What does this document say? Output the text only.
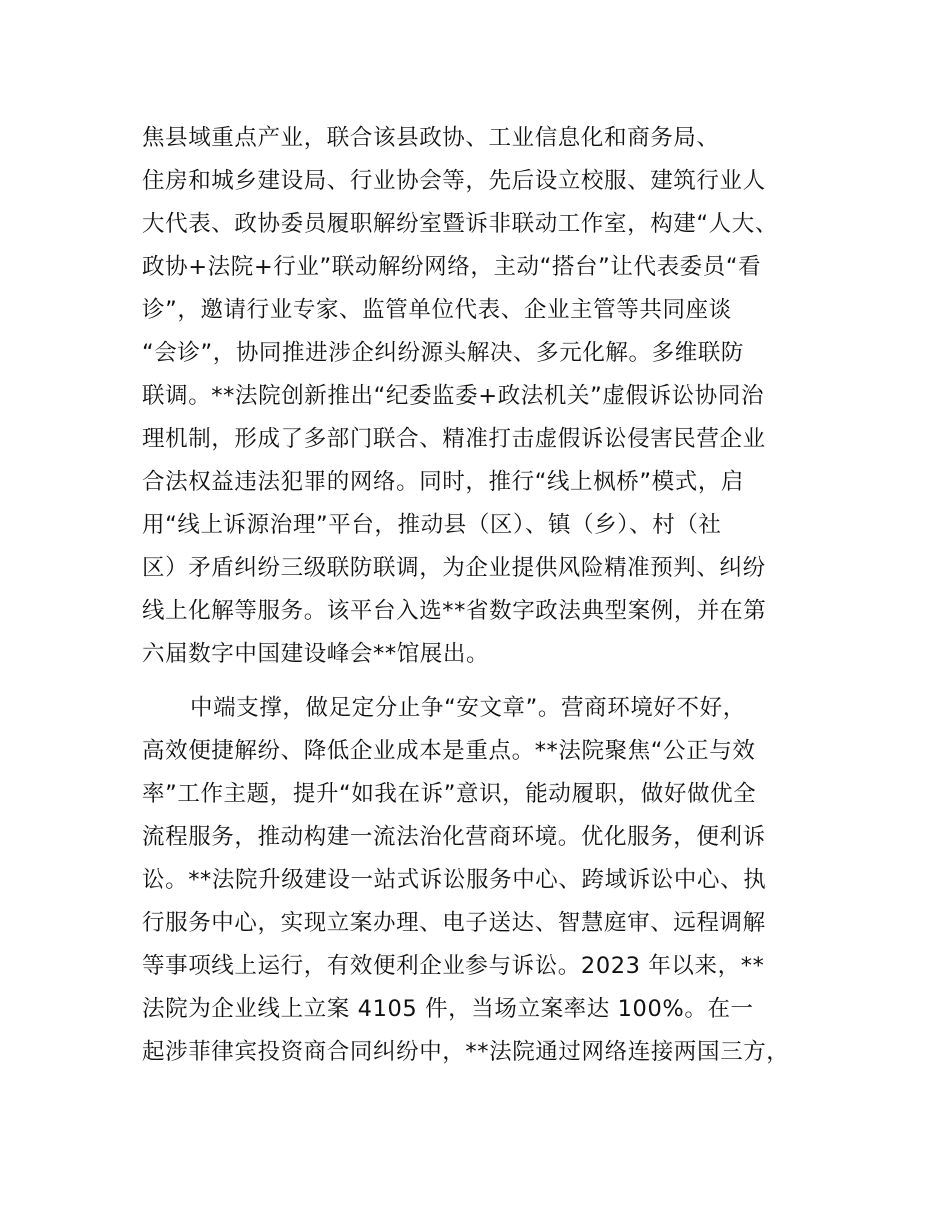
焦县域重点产业，联合该县政协、工业信息化和商务局、
住房和城乡建设局、行业协会等，先后设立校服、建筑行业人
大代表、政协委员履职解纷室暨诉非联动工作室，构建“人大、
政协+法院+行业”联动解纷网络，主动“搭台”让代表委员“看
诊”，邀请行业专家、监管单位代表、企业主管等共同座谈
“会诊”，协同推进涉企纠纷源头解决、多元化解。多维联防
联调。**法院创新推出“纪委监委+政法机关”虚假诉讼协同治
理机制，形成了多部门联合、精准打击虚假诉讼侵害民营企业
合法权益违法犯罪的网络。同时，推行“线上枫桥”模式，启
用“线上诉源治理”平台，推动县（区）、镇（乡）、村（社
区）矛盾纠纷三级联防联调，为企业提供风险精准预判、纠纷
线上化解等服务。该平台入选**省数字政法典型案例，并在第
六届数字中国建设峰会**馆展出。

中端支撑，做足定分止争“安文章”。营商环境好不好，
高效便捷解纷、降低企业成本是重点。**法院聚焦“公正与效
率”工作主题，提升“如我在诉”意识，能动履职，做好做优全
流程服务，推动构建一流法治化营商环境。优化服务，便利诉
讼。**法院升级建设一站式诉讼服务中心、跨域诉讼中心、执
行服务中心，实现立案办理、电子送达、智慧庭审、远程调解
等事项线上运行，有效便利企业参与诉讼。2023 年以来，**
法院为企业线上立案 4105 件，当场立案率达 100%。在一
起涉菲律宾投资商合同纠纷中，**法院通过网络连接两国三方，
